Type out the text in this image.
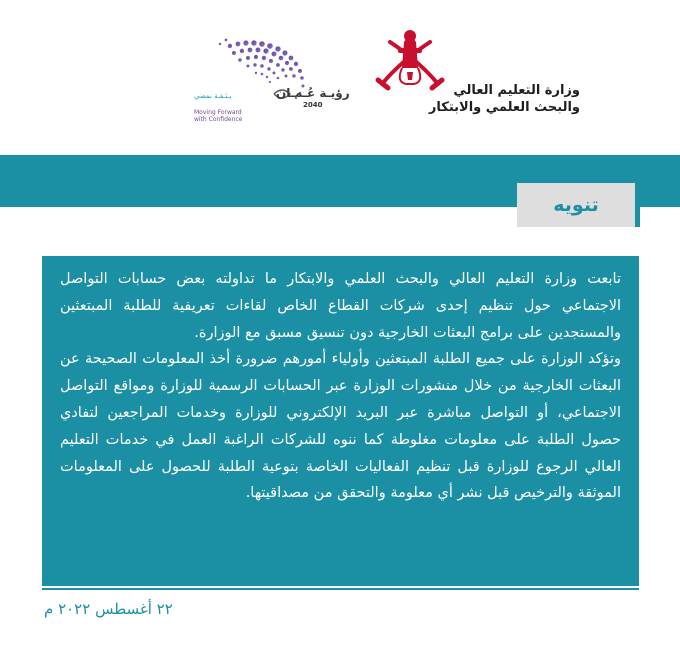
وزارة التعليم العالي
والبحث العلمي والابتكار
رؤيـة عُـمـان
2040
بـثـقـة نمضي
Moving Forward
with Confidence
تنويه

تابعت وزارة التعليم العالي والبحث العلمي والابتكار ما تداولته بعض حسابات التواصل الاجتماعي حول تنظيم إحدى شركات القطاع الخاص لقاءات تعريفية للطلبة المبتعثين والمستجدين على برامج البعثات الخارجية دون تنسيق مسبق مع الوزارة.

وتؤكد الوزارة على جميع الطلبة المبتعثين وأولياء أمورهم ضرورة أخذ المعلومات الصحيحة عن البعثات الخارجية من خلال منشورات الوزارة عبر الحسابات الرسمية للوزارة ومواقع التواصل الاجتماعي، أو التواصل مباشرة عبر البريد الإلكتروني للوزارة وخدمات المراجعين لتفادي حصول الطلبة على معلومات مغلوطة كما ننوه للشركات الراغبة العمل في خدمات التعليم العالي الرجوع للوزارة قبل تنظيم الفعاليات الخاصة بتوعية الطلبة للحصول على المعلومات الموثقة والترخيص قبل نشر أي معلومة والتحقق من مصداقيتها.

٢٢ أغسطس ٢٠٢٢ م
